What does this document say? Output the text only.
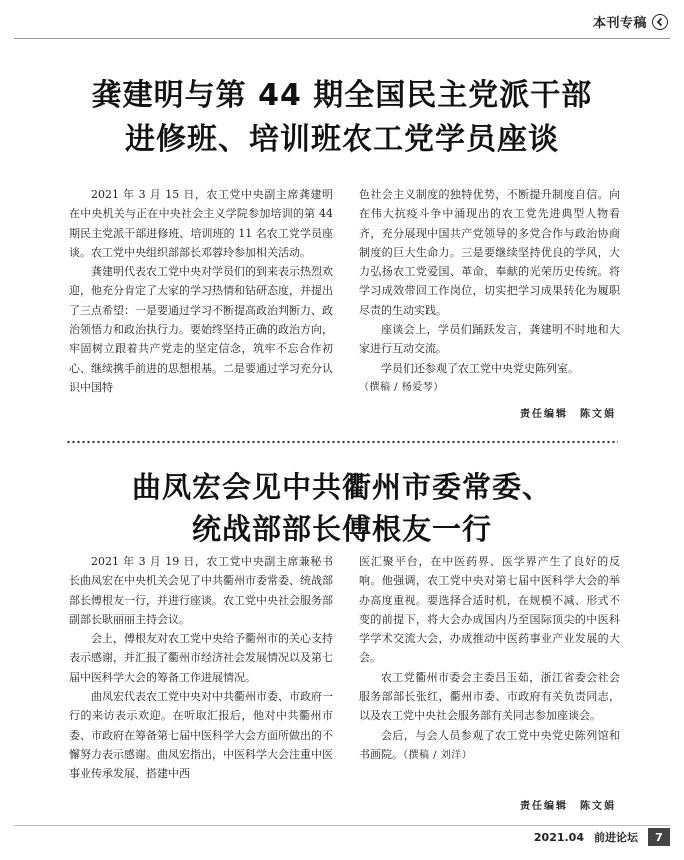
本刊专稿
龚建明与第 44 期全国民主党派干部
进修班、培训班农工党学员座谈

2021 年 3 月 15 日，农工党中央副主席龚建明在中央机关与正在中央社会主义学院参加培训的第 44 期民主党派干部进修班、培训班的 11 名农工党学员座谈。农工党中央组织部部长邓蓉玲参加相关活动。

龚建明代表农工党中央对学员们的到来表示热烈欢迎，他充分肯定了大家的学习热情和钻研态度，并提出了三点希望：一是要通过学习不断提高政治判断力、政治领悟力和政治执行力。要始终坚持正确的政治方向，牢固树立跟着共产党走的坚定信念，筑牢不忘合作初心、继续携手前进的思想根基。二是要通过学习充分认识中国特

色社会主义制度的独特优势，不断提升制度自信。向在伟大抗疫斗争中涌现出的农工党先进典型人物看齐，充分展现中国共产党领导的多党合作与政治协商制度的巨大生命力。三是要继续坚持优良的学风，大力弘扬农工党爱国、革命、奉献的光荣历史传统。将学习成效带回工作岗位，切实把学习成果转化为履职尽责的生动实践。

座谈会上，学员们踊跃发言，龚建明不时地和大家进行互动交流。

学员们还参观了农工党中央党史陈列室。

（撰稿 / 杨爱琴）

责任编辑　陈文娟
曲凤宏会见中共衢州市委常委、
统战部部长傅根友一行

2021 年 3 月 19 日，农工党中央副主席兼秘书长曲凤宏在中央机关会见了中共衢州市委常委、统战部部长傅根友一行，并进行座谈。农工党中央社会服务部副部长耿丽丽主持会议。

会上，傅根友对农工党中央给予衢州市的关心支持表示感谢，并汇报了衢州市经济社会发展情况以及第七届中医科学大会的筹备工作进展情况。

曲凤宏代表农工党中央对中共衢州市委、市政府一行的来访表示欢迎。在听取汇报后，他对中共衢州市委、市政府在筹备第七届中医科学大会方面所做出的不懈努力表示感谢。曲凤宏指出，中医科学大会注重中医事业传承发展、搭建中西

医汇聚平台，在中医药界、医学界产生了良好的反响。他强调，农工党中央对第七届中医科学大会的举办高度重视。要选择合适时机，在规模不减、形式不变的前提下，将大会办成国内乃至国际顶尖的中医科学学术交流大会，办成推动中医药事业产业发展的大会。

农工党衢州市委会主委吕玉茹，浙江省委会社会服务部部长张红，衢州市委、市政府有关负责同志，以及农工党中央社会服务部有关同志参加座谈会。

会后，与会人员参观了农工党中央党史陈列馆和书画院。（撰稿 / 刘洋）

责任编辑　陈文娟
2021.04 前进论坛	7
